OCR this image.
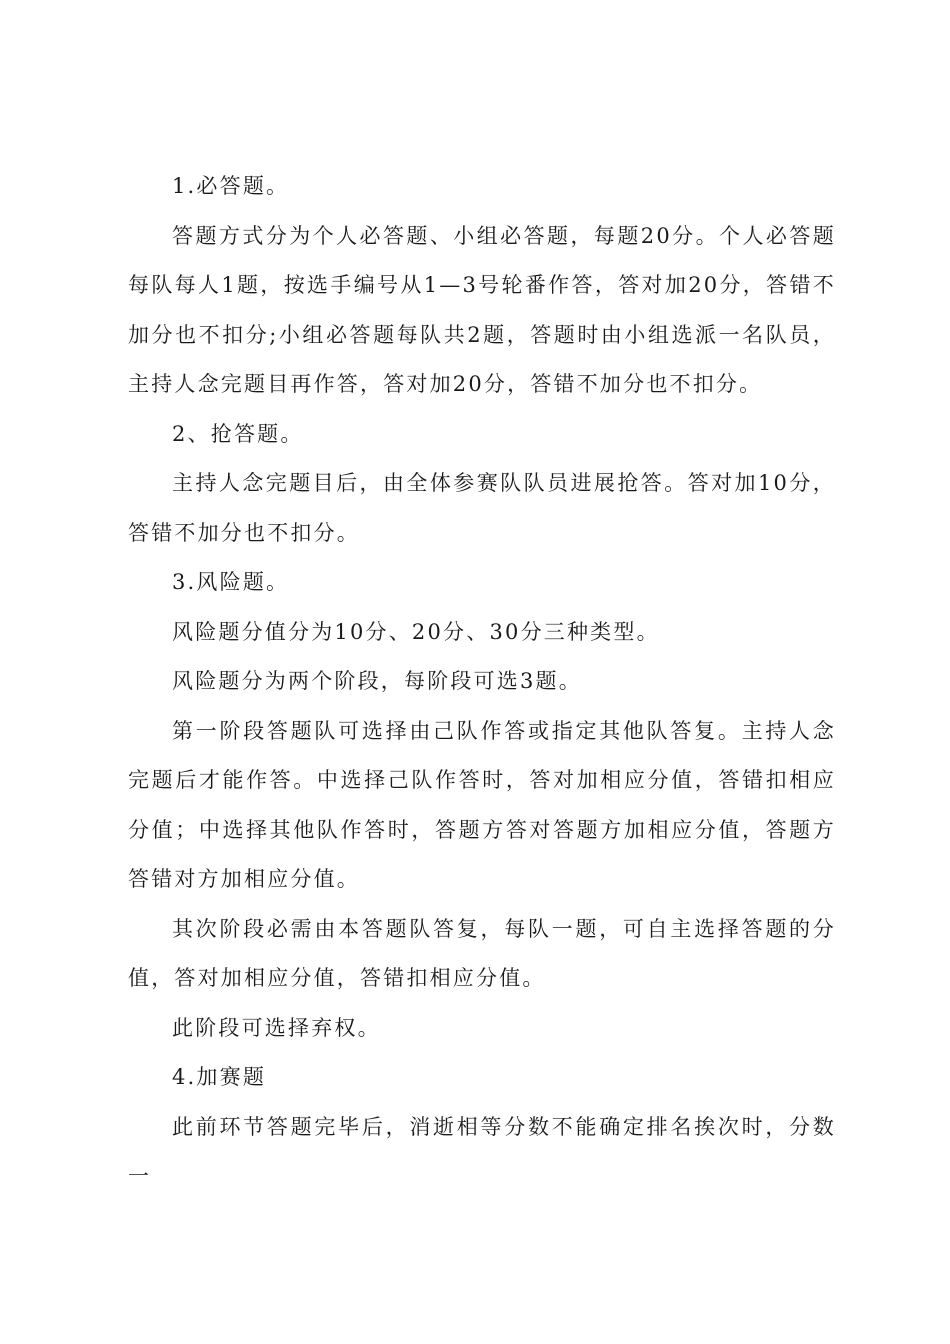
1.必答题。

答题方式分为个人必答题、小组必答题，每题20分。个人必答题每队每人1题，按选手编号从1—3号轮番作答，答对加20分，答错不加分也不扣分;小组必答题每队共2题，答题时由小组选派一名队员，主持人念完题目再作答，答对加20分，答错不加分也不扣分。

2、抢答题。

主持人念完题目后，由全体参赛队队员进展抢答。答对加10分，答错不加分也不扣分。

3.风险题。

风险题分值分为10分、20分、30分三种类型。

风险题分为两个阶段，每阶段可选3题。

第一阶段答题队可选择由己队作答或指定其他队答复。主持人念完题后才能作答。中选择己队作答时，答对加相应分值，答错扣相应分值；中选择其他队作答时，答题方答对答题方加相应分值，答题方答错对方加相应分值。

其次阶段必需由本答题队答复，每队一题，可自主选择答题的分值，答对加相应分值，答错扣相应分值。

此阶段可选择弃权。

4.加赛题

此前环节答题完毕后，消逝相等分数不能确定排名挨次时，分数一
